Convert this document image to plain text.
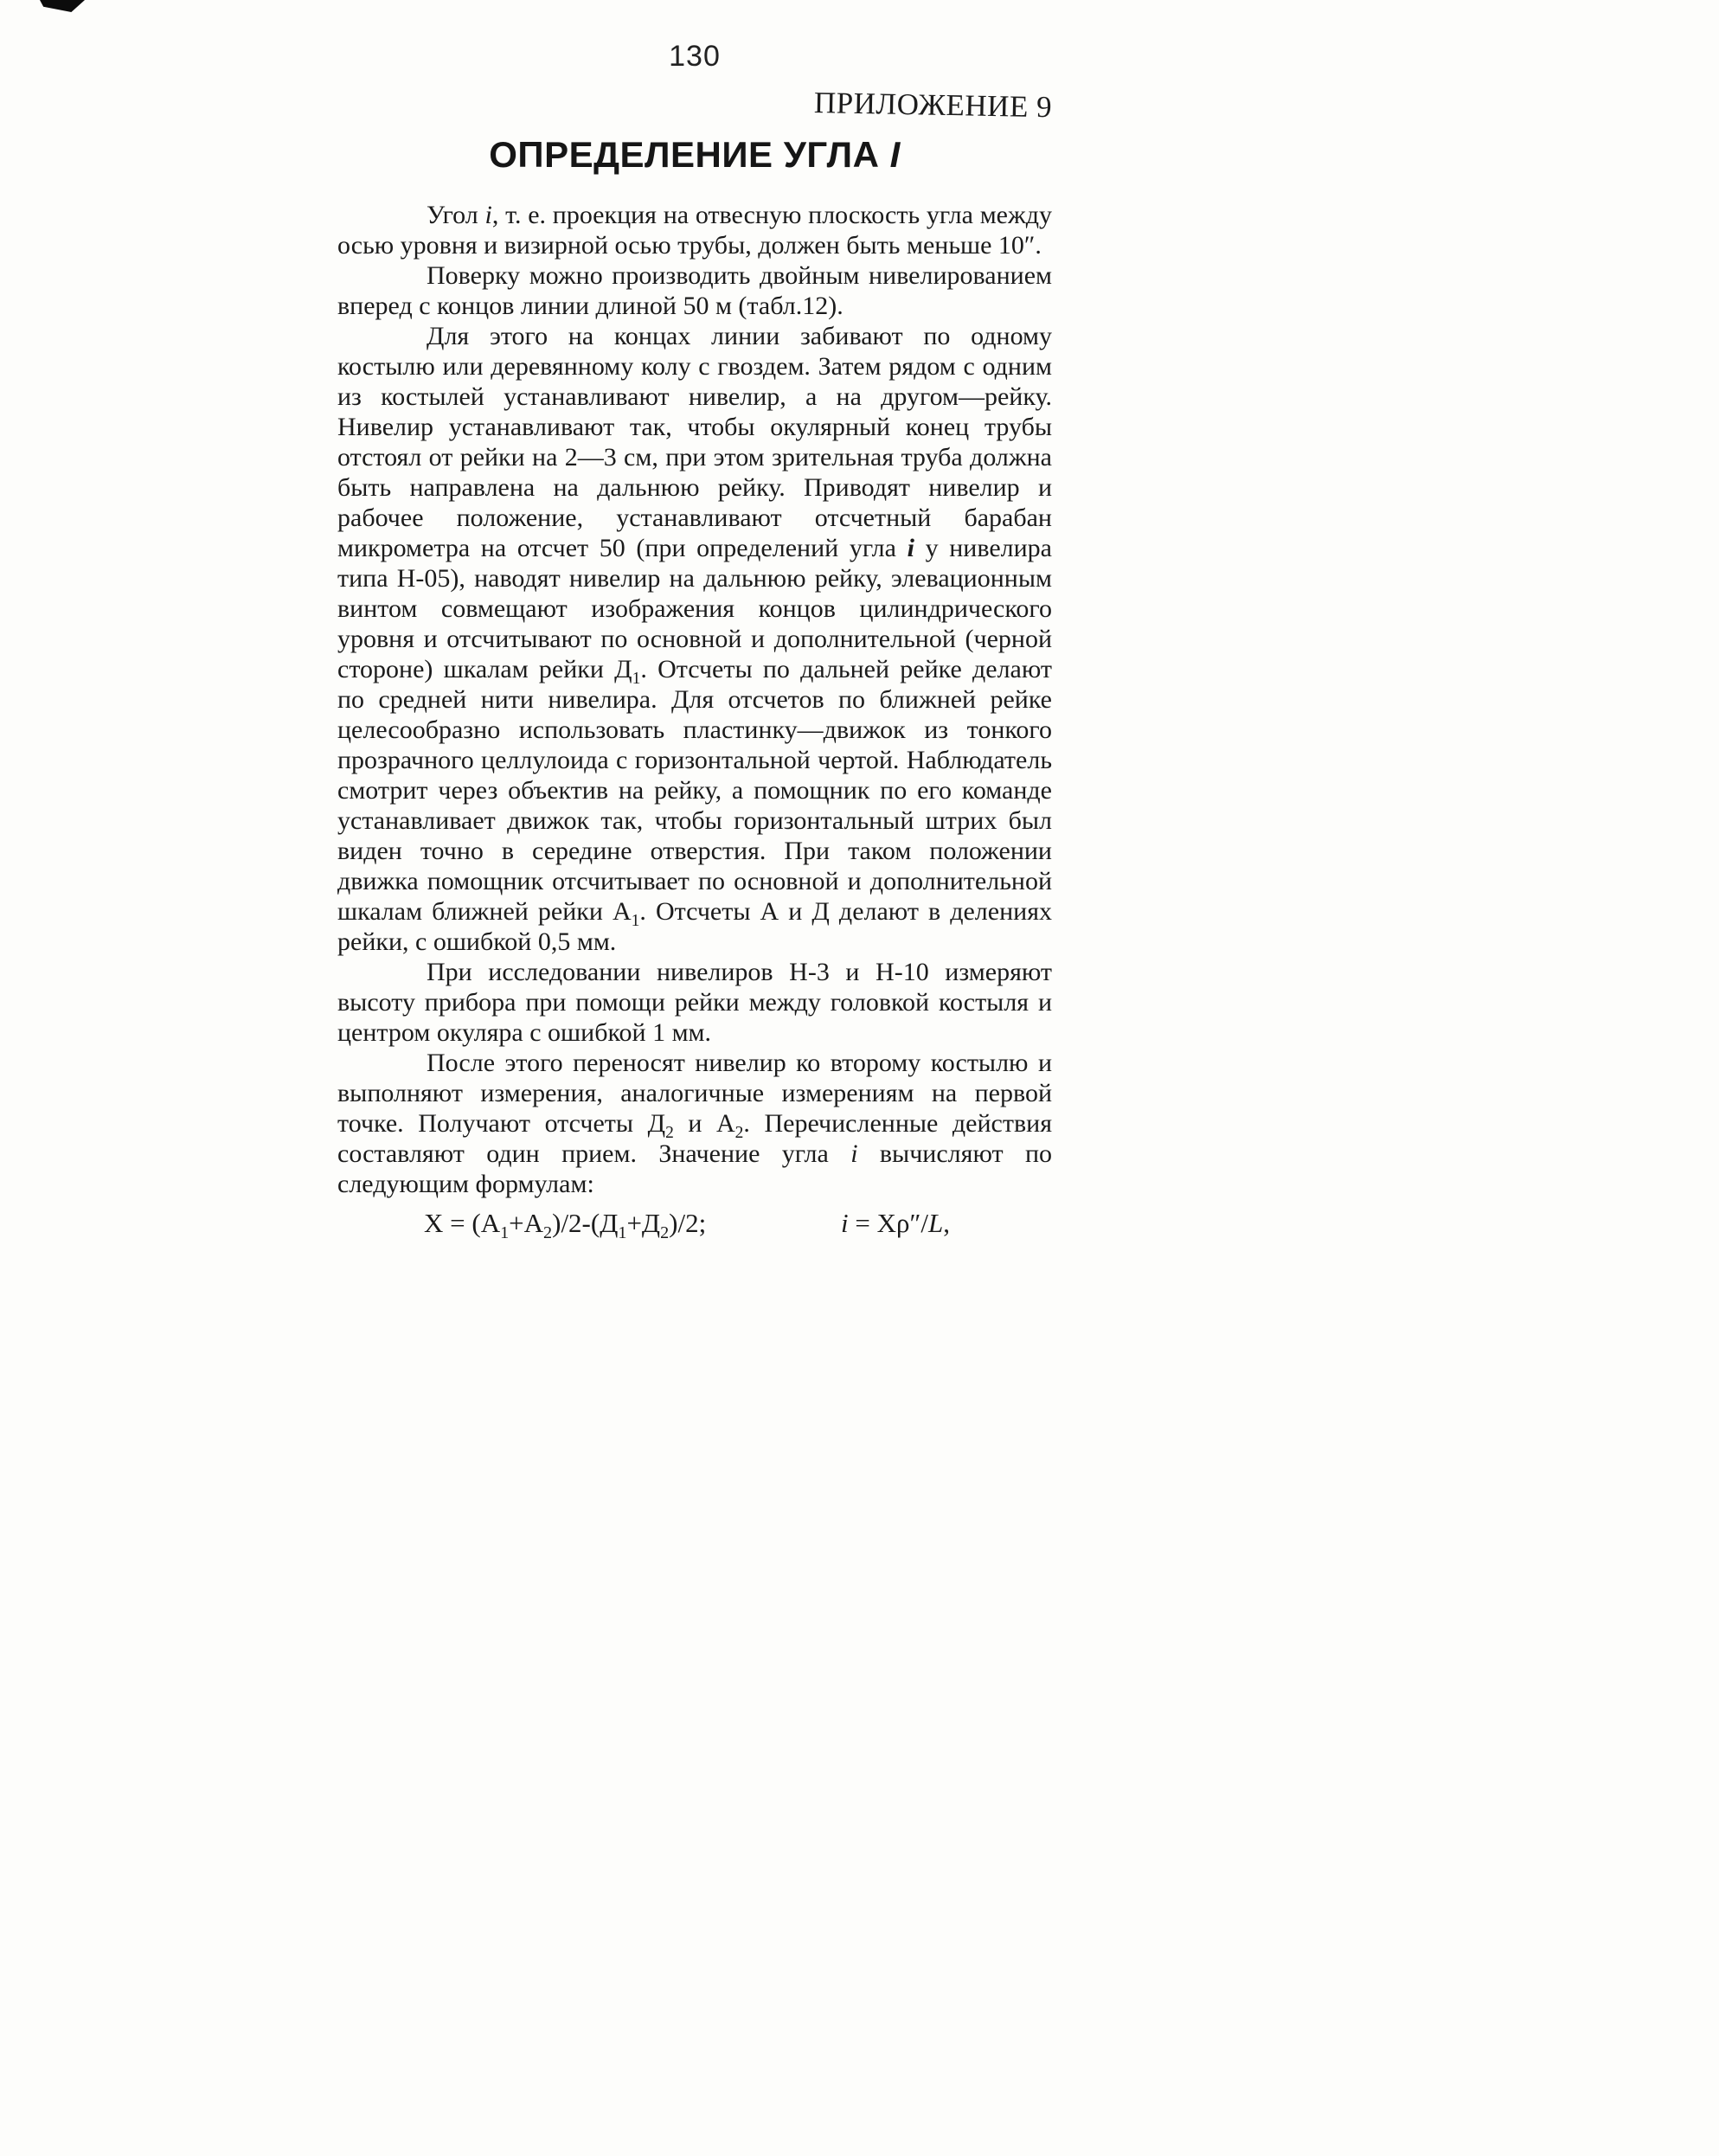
130
ПРИЛОЖЕНИЕ 9
ОПРЕДЕЛЕНИЕ УГЛА I

Угол i, т. е. проекция на отвесную плоскость угла между осью уровня и визирной осью трубы, должен быть меньше 10″.

Поверку можно производить двойным нивелированием вперед с концов линии длиной 50 м (табл.12).

Для этого на концах линии забивают по одному костылю или деревянному колу с гвоздем. Затем рядом с одним из костылей устанавливают нивелир, а на другом—рейку. Нивелир устанавливают так, чтобы окулярный конец трубы отстоял от рейки на 2—3 см, при этом зрительная труба должна быть направлена на дальнюю рейку. Приводят нивелир и рабочее положение, устанавливают отсчетный барабан микрометра на отсчет 50 (при определений угла i у нивелира типа Н-05), наводят нивелир на дальнюю рейку, элевационным винтом совмещают изображения концов цилиндрического уровня и отсчитывают по основной и дополнительной (черной стороне) шкалам рейки $Д_1$. Отсчеты по дальней рейке делают по средней нити нивелира. Для отсчетов по ближней рейке целесообразно использовать пластинку—движок из тонкого прозрачного целлулоида с горизонтальной чертой. Наблюдатель смотрит через объектив на рейку, а помощник по его команде устанавливает движок так, чтобы горизонтальный штрих был виден точно в середине отверстия. При таком положении движка помощник отсчитывает по основной и дополнительной шкалам ближней рейки $А_1$. Отсчеты А и Д делают в делениях рейки, с ошибкой 0,5 мм.

При исследовании нивелиров Н-3 и Н-10 измеряют высоту прибора при помощи рейки между головкой костыля и центром окуляра с ошибкой 1 мм.

После этого переносят нивелир ко второму костылю и выполняют измерения, аналогичные измерениям на первой точке. Получают отсчеты $Д_2$ и $А_2$. Перечисленные действия составляют один прием. Значение угла i вычисляют по следующим формулам:

$X = (A_1+A_2)/2-(Д_1+Д_2)/2$;	i = Xρ″/L,
